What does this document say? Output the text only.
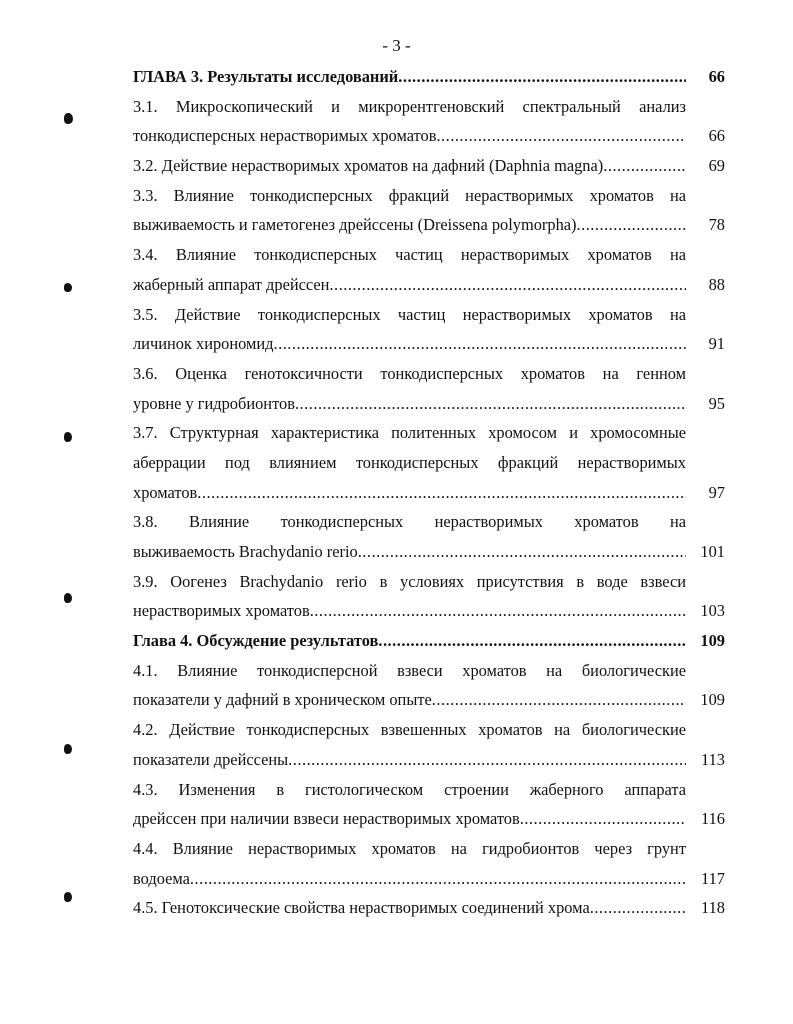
- 3 -
ГЛАВА 3. Результаты исследований .....	66
3.1. Микроскопический и микрорентгеновский спектральный анализ
тонкодисперсных нерастворимых хроматов .....	66
3.2. Действие нерастворимых хроматов на дафний (Daphnia magna) .....	69
3.3. Влияние тонкодисперсных фракций нерастворимых хроматов на
выживаемость и гаметогенез дрейссены (Dreissena polymorpha) .....	78
3.4. Влияние тонкодисперсных частиц нерастворимых хроматов на
жаберный аппарат дрейссен .....	88
3.5. Действие тонкодисперсных частиц нерастворимых хроматов на
личинок хирономид .....	91
3.6. Оценка генотоксичности тонкодисперсных хроматов на генном
уровне у гидробионтов .....	95
3.7. Структурная характеристика политенных хромосом и хромосомные
аберрации под влиянием тонкодисперсных фракций нерастворимых
хроматов .....	97
3.8. Влияние тонкодисперсных нерастворимых хроматов на
выживаемость Brachydanio rerio .....	101
3.9. Оогенез Brachydanio rerio в условиях присутствия в воде взвеси
нерастворимых хроматов .....	103
Глава 4. Обсуждение результатов .....	109
4.1. Влияние тонкодисперсной взвеси хроматов на биологические
показатели у дафний в хроническом опыте .....	109
4.2. Действие тонкодисперсных взвешенных хроматов на биологические
показатели дрейссены .....	113
4.3. Изменения в гистологическом строении жаберного аппарата
дрейссен при наличии взвеси нерастворимых хроматов .....	116
4.4. Влияние нерастворимых хроматов на гидробионтов через грунт
водоема .....	117
4.5. Генотоксические свойства нерастворимых соединений хрома .....	118
